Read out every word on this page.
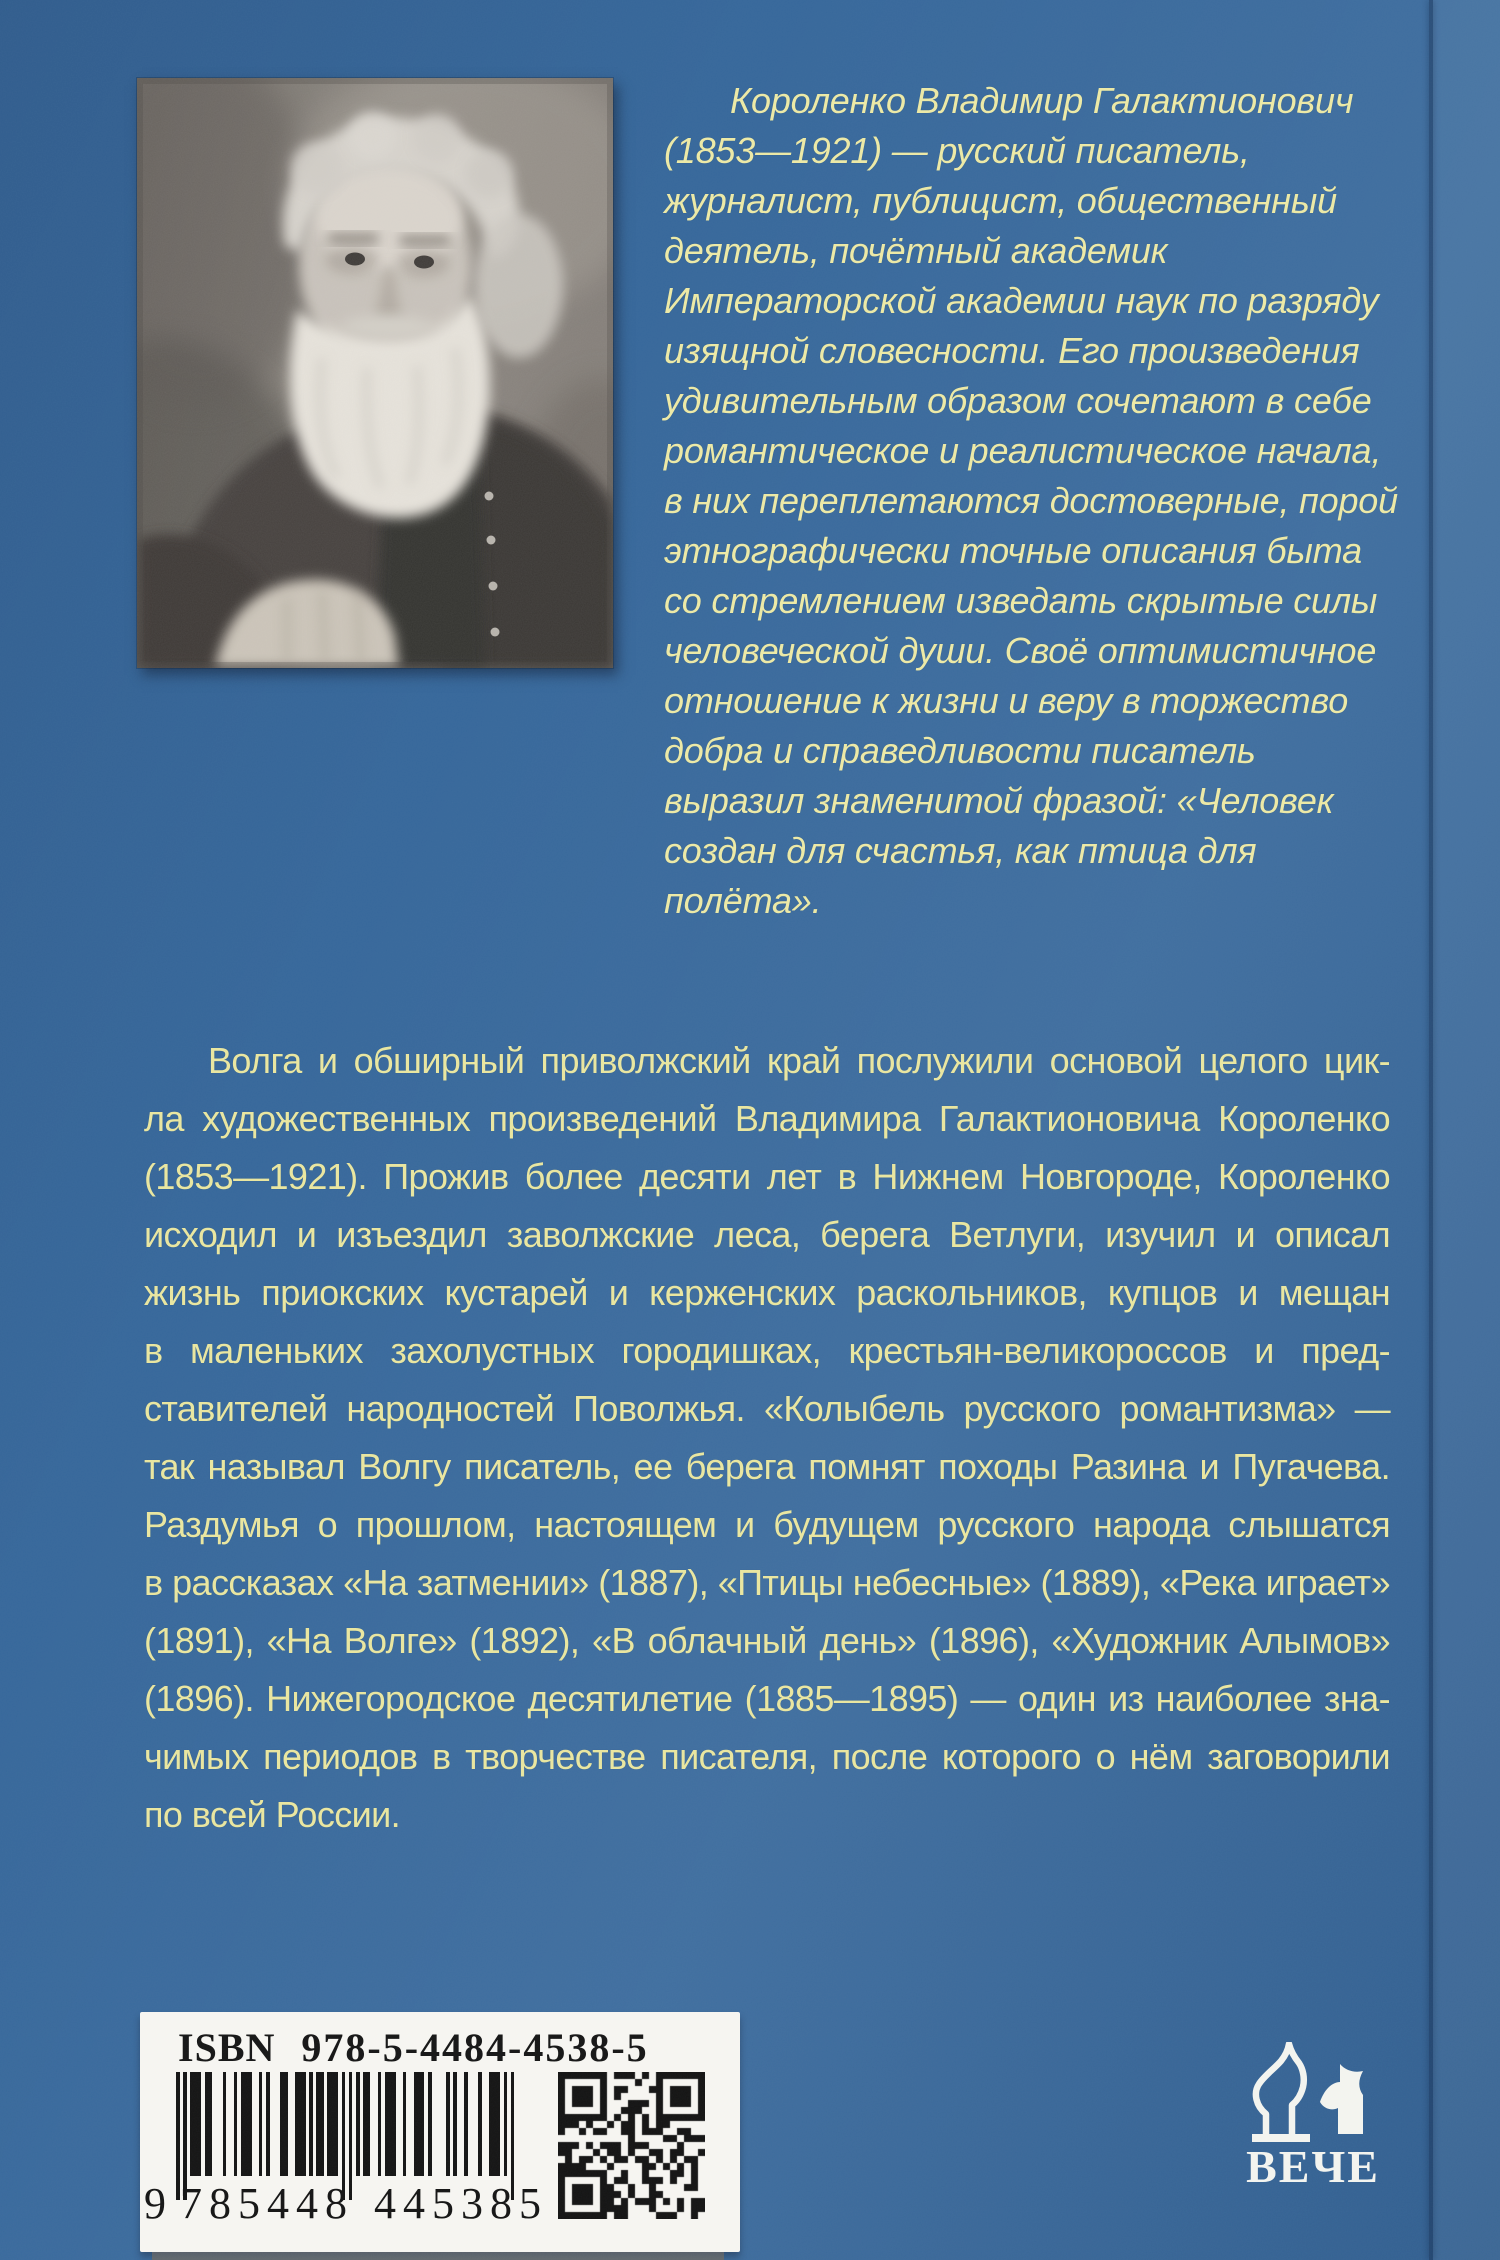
Короленко Владимир Галактионович
(1853—1921) — русский писатель,
журналист, публицист, общественный
деятель, почётный академик
Императорской академии наук по разряду
изящной словесности. Его произведения
удивительным образом сочетают в себе
романтическое и реалистическое начала,
в них переплетаются достоверные, порой
этнографически точные описания быта
со стремлением изведать скрытые силы
человеческой души. Своё оптимистичное
отношение к жизни и веру в торжество
добра и справедливости писатель
выразил знаменитой фразой: «Человек
создан для счастья, как птица для
полёта».
Волга и обширный приволжский край послужили основой целого цик-
ла художественных произведений Владимира Галактионовича Короленко
(1853—1921). Прожив более десяти лет в Нижнем Новгороде, Короленко
исходил и изъездил заволжские леса, берега Ветлуги, изучил и описал
жизнь приокских кустарей и керженских раскольников, купцов и мещан
в маленьких захолустных городишках, крестьян-великороссов и пред-
ставителей народностей Поволжья. «Колыбель русского романтизма» —
так называл Волгу писатель, ее берега помнят походы Разина и Пугачева.
Раздумья о прошлом, настоящем и будущем русского народа слышатся
в рассказах «На затмении» (1887), «Птицы небесные» (1889), «Река играет»
(1891), «На Волге» (1892), «В облачный день» (1896), «Художник Алымов»
(1896). Нижегородское десятилетие (1885—1895) — один из наиболее зна-
чимых периодов в творчестве писателя, после которого о нём заговорили
по всей России.
ISBN 978-5-4484-4538-5
9 785448 445385
ВЕЧЕ
